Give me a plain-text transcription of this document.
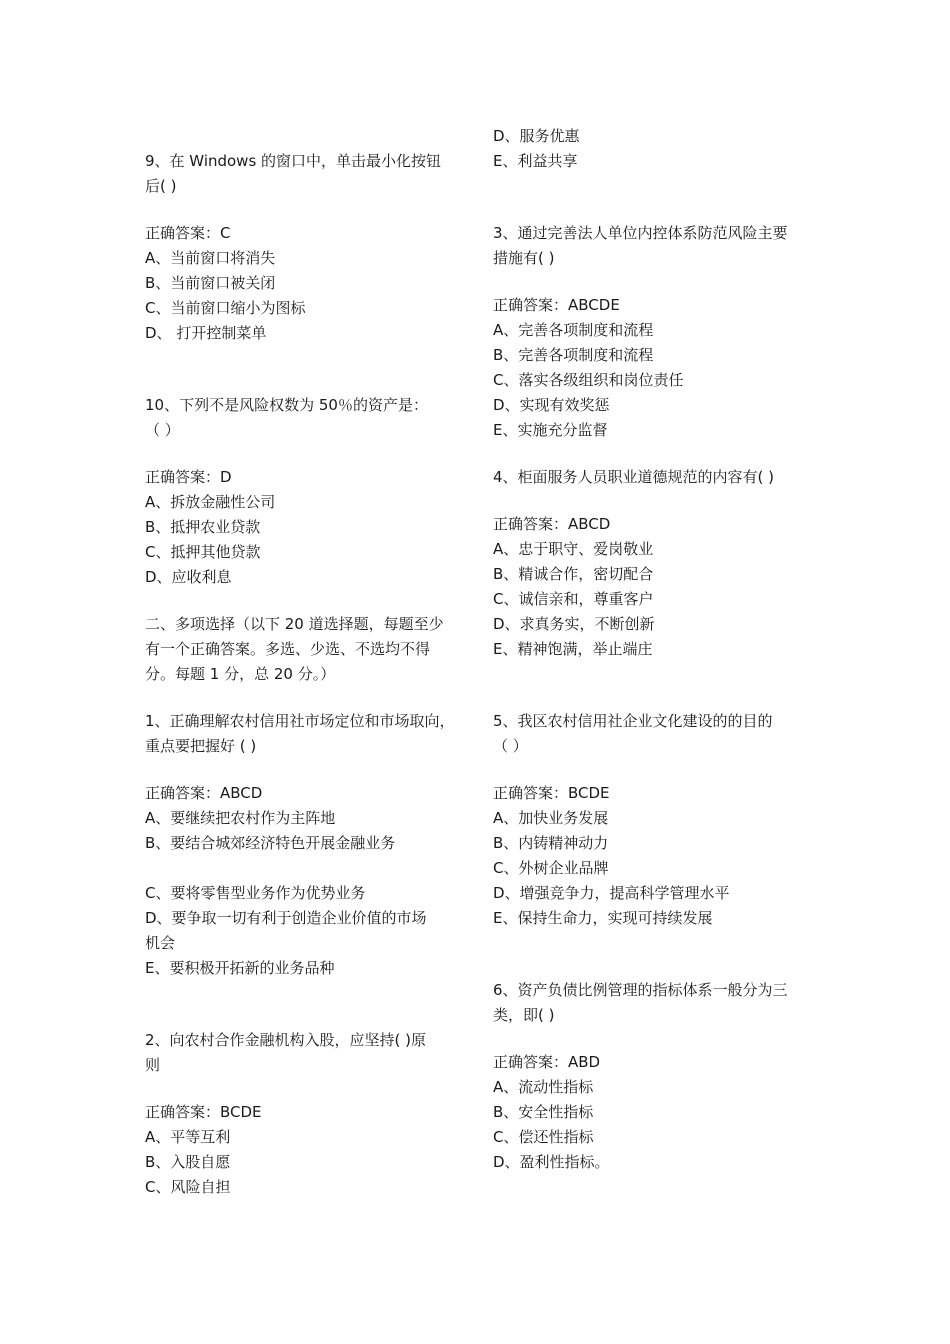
9、在 Windows 的窗口中，单击最小化按钮
后( )
正确答案：C
A、当前窗口将消失
B、当前窗口被关闭
C、当前窗口缩小为图标
D、 打开控制菜单
10、下列不是风险权数为 50％的资产是：
（ ）
正确答案：D
A、拆放金融性公司
B、抵押农业贷款
C、抵押其他贷款
D、应收利息
二、多项选择（以下 20 道选择题，每题至少
有一个正确答案。多选、少选、不选均不得
分。每题 1 分，总 20 分。）
1、正确理解农村信用社市场定位和市场取向，
重点要把握好 ( )
正确答案：ABCD
A、要继续把农村作为主阵地
B、要结合城郊经济特色开展金融业务
C、要将零售型业务作为优势业务
D、要争取一切有利于创造企业价值的市场
机会
E、要积极开拓新的业务品种
2、向农村合作金融机构入股，应坚持( )原
则
正确答案：BCDE
A、平等互利
B、入股自愿
C、风险自担
D、服务优惠
E、利益共享
3、通过完善法人单位内控体系防范风险主要
措施有( )
正确答案：ABCDE
A、完善各项制度和流程
B、完善各项制度和流程
C、落实各级组织和岗位责任
D、实现有效奖惩
E、实施充分监督
4、柜面服务人员职业道德规范的内容有( )
正确答案：ABCD
A、忠于职守、爱岗敬业
B、精诚合作，密切配合
C、诚信亲和，尊重客户
D、求真务实，不断创新
E、精神饱满，举止端庄
5、我区农村信用社企业文化建设的的目的
（ ）
正确答案：BCDE
A、加快业务发展
B、内铸精神动力
C、外树企业品牌
D、增强竞争力，提高科学管理水平
E、保持生命力，实现可持续发展
6、资产负债比例管理的指标体系一般分为三
类，即( )
正确答案：ABD
A、流动性指标
B、安全性指标
C、偿还性指标
D、盈利性指标。
